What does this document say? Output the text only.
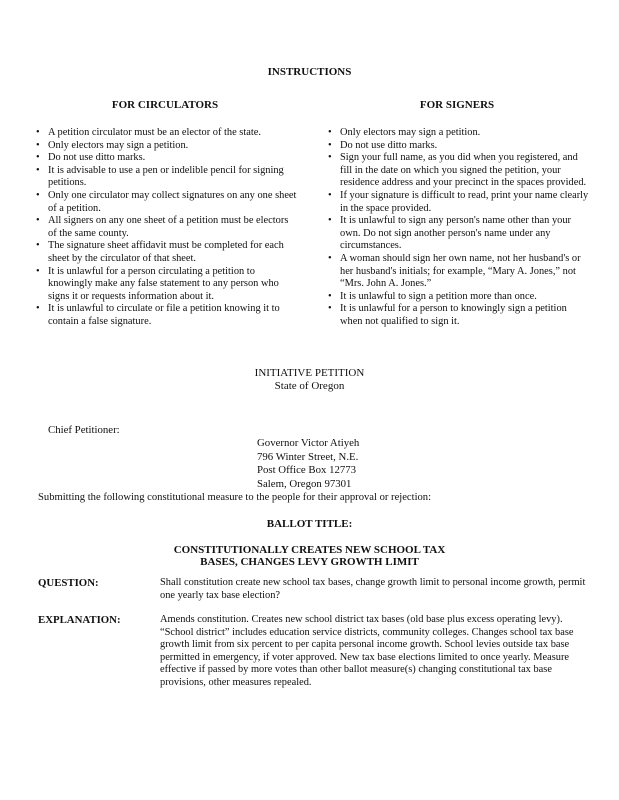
INSTRUCTIONS
FOR CIRCULATORS
• A petition circulator must be an elector of the state.
• Only electors may sign a petition.
• Do not use ditto marks.
• It is advisable to use a pen or indelible pencil for signing petitions.
• Only one circulator may collect signatures on any one sheet of a petition.
• All signers on any one sheet of a petition must be electors of the same county.
• The signature sheet affidavit must be completed for each sheet by the circulator of that sheet.
• It is unlawful for a person circulating a petition to knowingly make any false statement to any person who signs it or requests information about it.
• It is unlawful to circulate or file a petition knowing it to contain a false signature.
FOR SIGNERS
• Only electors may sign a petition.
• Do not use ditto marks.
• Sign your full name, as you did when you registered, and fill in the date on which you signed the petition, your residence address and your precinct in the spaces provided.
• If your signature is difficult to read, print your name clearly in the space provided.
• It is unlawful to sign any person's name other than your own. Do not sign another person's name under any circumstances.
• A woman should sign her own name, not her husband's or her husband's initials; for example, “Mary A. Jones,” not “Mrs. John A. Jones.”
• It is unlawful to sign a petition more than once.
• It is unlawful for a person to knowingly sign a petition when not qualified to sign it.
INITIATIVE PETITION
State of Oregon
Chief Petitioner:
Governor Victor Atiyeh
796 Winter Street, N.E.
Post Office Box 12773
Salem, Oregon 97301
Submitting the following constitutional measure to the people for their approval or rejection:
BALLOT TITLE:
CONSTITUTIONALLY CREATES NEW SCHOOL TAX
BASES, CHANGES LEVY GROWTH LIMIT
QUESTION:	Shall constitution create new school tax bases, change growth limit to personal income growth, permit one yearly tax base election?
EXPLANATION:	Amends constitution. Creates new school district tax bases (old base plus excess operating levy). “School district” includes education service districts, community colleges. Changes school tax base growth limit from six percent to per capita personal income growth. School levies outside tax base permitted in emergency, if voter approved. New tax base elections limited to once yearly. Measure effective if passed by more votes than other ballot measure(s) changing constitutional tax base provisions, other measures repealed.
